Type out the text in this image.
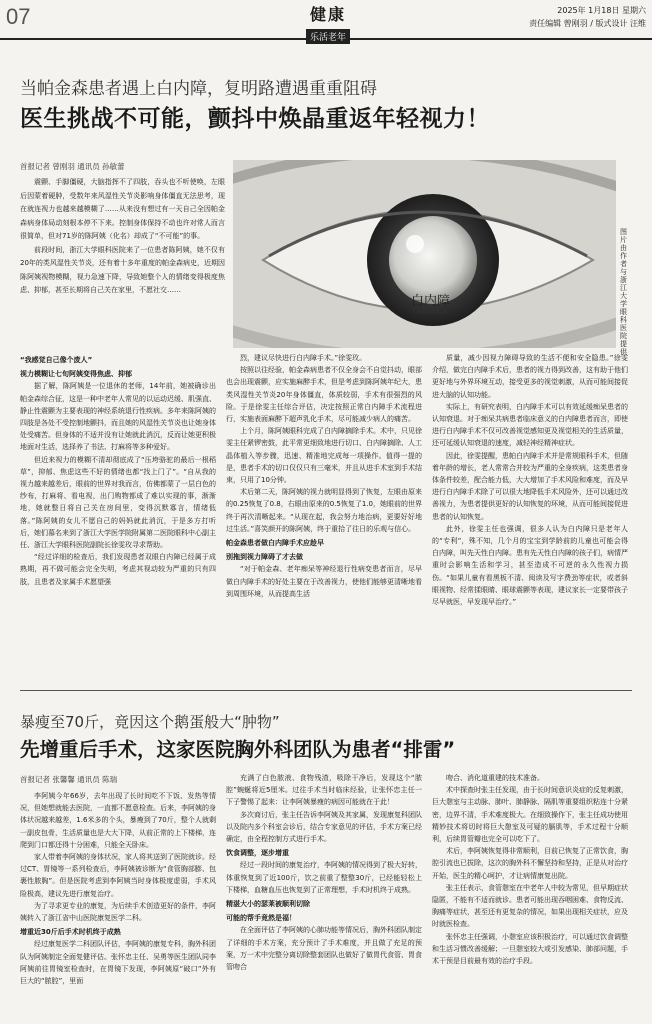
07	健康
乐活老年
2025年 1月18日 星期六
责任编辑 曾刚羽 / 版式设计 汪维
当帕金森患者遇上白内障，复明路遭遇重重阻碍
医生挑战不可能，颤抖中焕晶重返年轻视力！
首报记者 曾刚羽 通讯员 孙敏蕾

震颤、手脚僵硬，大脑指挥不了四肢，吞头也不听使唤，左眼后因蒙着硬肿，受数年来风湿性关节炎影响身体僵直无法思考，现在就连视力也越来越模糊了……从来没有想过有一天自己全因帕金森病身体局动刻根本停不下来。控制身体保持不动也许对常人而言很简单，但对71岁的陈阿姨（化名）却成了“不可能”的事。

前段时间，浙江大学眼科医院来了一位患者陈阿姨，她不仅有20年的类风湿性关节炎，还有着十多年重度的帕金森病史，近期因陈阿姨视物模糊，视力急速下降，导致她整个人的情绪变得极度焦虑、抑郁，甚至长期将自己关在家里，不愿社交……

白内障
Cataracts
图片由作者与浙江大学眼科医院提供

“我感觉自己像个废人”

视力模糊让七旬阿姨变得焦虑、抑郁

据了解，陈阿姨是一位退休的老师，14年前，她被确诊出帕金森综合征，这是一种中老年人常见的以运动迟缓、肌强直、静止性震颤为主要表现的神经系统退行性疾病。多年来陈阿姨的四肢是各处不受控制地颤抖，而且她的风湿性关节炎也让她身体处受痛苦。但身体的不适并没有让她就此消沉，反而让她更积极地面对生活，选择养了书法、打麻将等多种爱好。

但近来视力的模糊不清却彻底成了“压垮骆驼的最后一根稻草”，抑郁、焦虑这些不好的情绪也都“找上门了”。“自从我的视力越来越差后，眼前的世界对我而言，仿佛都蒙了一层白色的纱布，打麻将、看电视，出门购物都成了难以实现的事，渐渐地，她就整日将自己关在房间里，变得沉默寡言，情绪低落。”陈阿姨的女儿不愿自己的妈妈就此消沉，于是多方打听后，她们慕名来到了浙江大学医学院附属第二医院眼科中心副主任、浙江大学眼科医院副院长徐雯玫寻求帮助。

“经过详细的检查后，我们发现患者双眼白内障已经属于成熟期，再不做可能会完全失明，考虑其视动较为严重的只有四肢，且患者及家属手术愿望强

烈，建议尽快进行白内障手术。”徐雯玫。

按照以往经验，帕金森病患者不仅全身会不自觉抖动，眼部也会出现震颤，应实施麻醉手术，但是考虑到陈阿姨年纪大，患类风湿性关节炎20年身体僵直，体质较弱，手术有很强烈的风险。于是徐雯主任综合评估，决定按照正常白内障手术流程进行，实施表面麻醉下超声乳化手术，尽可能减少病人的痛苦。

上个月，陈阿姨眼科完成了白内障摘除手术。术中，只见徐雯主任紧锣密鼓，此平常更细致地进行切口、白内障摘除、人工晶体植入等步骤，迅速、精准地完成每一项操作。值得一提的是，患者手术的切口仅仅只有三毫米，并且从进手术室到手术结束，只用了10分钟。

术后第二天，陈阿姨的视力就明显得到了恢复，左眼由原来的0.25恢复了0.8，右眼由原来的0.5恢复了1.0，她眼前的世界终于再次清晰起来。“从现在起，我会努力地治病，更要好好地过生活。”喜笑颜开的陈阿姨，终于重拾了往日的乐观与信心。

帕金森患者做白内障手术应趁早

别拖到视力障碍了才去做

“对于帕金森、老年痴呆等神经退行性病变患者而言，尽早做白内障手术的好处主要在于改善视力，使他们能够更清晰地看到周围环境，从而提高生活

质量，减少因视力障碍导致的生活不便和安全隐患。”徐雯介绍，做完白内障手术后，患者的视力得到改善，这有助于他们更好地与外界环境互动，接受更多的视觉刺激，从而可能间接促进大脑的认知功能。

实际上，有研究表明，白内障手术可以有效延缓痴呆患者的认知衰退。对于痴呆共病患者临床意义的白内障患者而言，即使进行白内障手术不仅可改善视觉感知更及视觉相关的生活质量，还可延缓认知衰退的速度，减轻神经精神症状。

因此，徐雯提醒，患帕白内障手术并是常规眼科手术，但随着年龄的增长，老人常常合并较为严重的全身疾病，这类患者身体条件较差，配合能力低，大大增加了手术风险和难度，而及早进行白内障手术除了可以很大地降低手术风险外，还可以通过改善视力，为患者提供更好的认知恢复的环境，从而可能间接促进患者的认知恢复。

此外，徐雯主任也强调，很多人认为白内障只是老年人的“专利”，殊不知，几个月的宝宝到学龄前的儿童也可能会得白内障，叫先天性白内障。患有先天性白内障的孩子们，病情严重时会影响生活和学习，甚至造成不可逆的永久性视力损伤。“如果儿童有看黑板不清、阅读及写字费劲等症状，或者斜眼视物、经常揉眼睛、眼球震颤等表现，建议家长一定要带孩子尽早就医，早发现早治疗。”

暴瘦至70斤，竟因这个鹅蛋般大“肿物”
先增重后手术，这家医院胸外科团队为患者“排雷”
首报记者 张馨馨 通讯员 陈瑞

李阿姨今年66岁，去年出现了长时间吃不下饭、发热等情况，但她想就能去医院，一直都不愿意检查。后来，李阿姨的身体状况越来越差，1.6米多的个头，暴瘦到了70斤，整个人就剩一副皮包骨，生活质量也是大大下降，从前正常的上下楼梯，连爬到门口都还得十分困难，只能全天卧床。

家人带着李阿姨的身体状况，家人将其送到了医院就诊。经过CT、胃镜等一系列检查后，李阿姨被诊断为“食管胸部膨、包裹性脓胸”。但是医院考虑到李阿姨当时身体极度虚弱，手术风险极高，建议先进行康复治疗。

为了寻求更专业的康复，为后续手术创造更好的条件，李阿姨转入了浙江省中山医院康复医学二科。

增重近30斤后手术时机终于成熟

经过康复医学二科团队评估，李阿姨的康复专科，胸外科团队为阿姨制定全面复健评估。张怀忠主任、吴勇等医生团队同李阿姨前往胃镜室检查时，在胃镜下发现，李阿姨原“破口”外有巨大的“脓腔”，里面

充满了白色脓液、食物残渣，吸除干净后，发现这个“脓腔”蜿蜒将近5厘米。过往手术当时临床经验，让张怀忠主任一下子警惕了起来：让李阿姨暴瘦的病因可能就在于此！

多次商讨后，张主任告诉李阿姨及其家属，发现康复科团队以及院内多个科室会诊后，结合专家意见的评估，手术方案已经确定，由全程控制方式进行手术。

饮食调整，逐步增重

经过一段时间的康复治疗，李阿姨的情况得到了极大好转，体重恢复到了近100斤，饮之前重了整整30斤，已经能轻松上下楼梯，血糖血压也恢复到了正常理想，手术时机终于成熟。

精湛大小的瑟莱被顺利切除

可能的帮手竟然是福！

在全面评估了李阿姨的心肺功能等情况后，胸外科团队制定了详细的手术方案，充分预计了手术难度，并且做了充足的预案，万一术中完整分离切除整套团队也做好了做胃代食管、胃食管吻合

吻合、消化道重建的技术准备。

术中探查时张主任发现，由于长时间意识炎症的反复刺激，巨大憩室与主动脉、肺叶、肺静脉、隔肌等重要组织粘连十分紧密，边界不清，手术难度极大。在细致操作下，张主任成功使用精妙技术将切时将巨大憩室及可疑的膈肌等，手术过程十分顺利，后续胃管瓣也完全可以吃下了。

术后，李阿姨恢复得非常顺利，目前已恢复了正常饮食，胸腔引流也已拔除，这次的胸外科不懈坚持和坚持，正是从对治疗开始，医生的精心呵护，才让病情康复出院。

张主任表示，食管憩室在中老年人中较为常见，但早期症状隐匿，不能有不适而就诊。患者可能出现吞咽困难、食物反流、胸痛等症状，甚至还有更复杂的情况，如果出现相关症状，应及时就医检查。

张怀忠主任强调，小憩室应该积极治疗，可以通过饮食调整和生活习惯改善缓解；一旦憩室较大或引发感染、肺部问题，手术干预是目前最有效的治疗手段。
